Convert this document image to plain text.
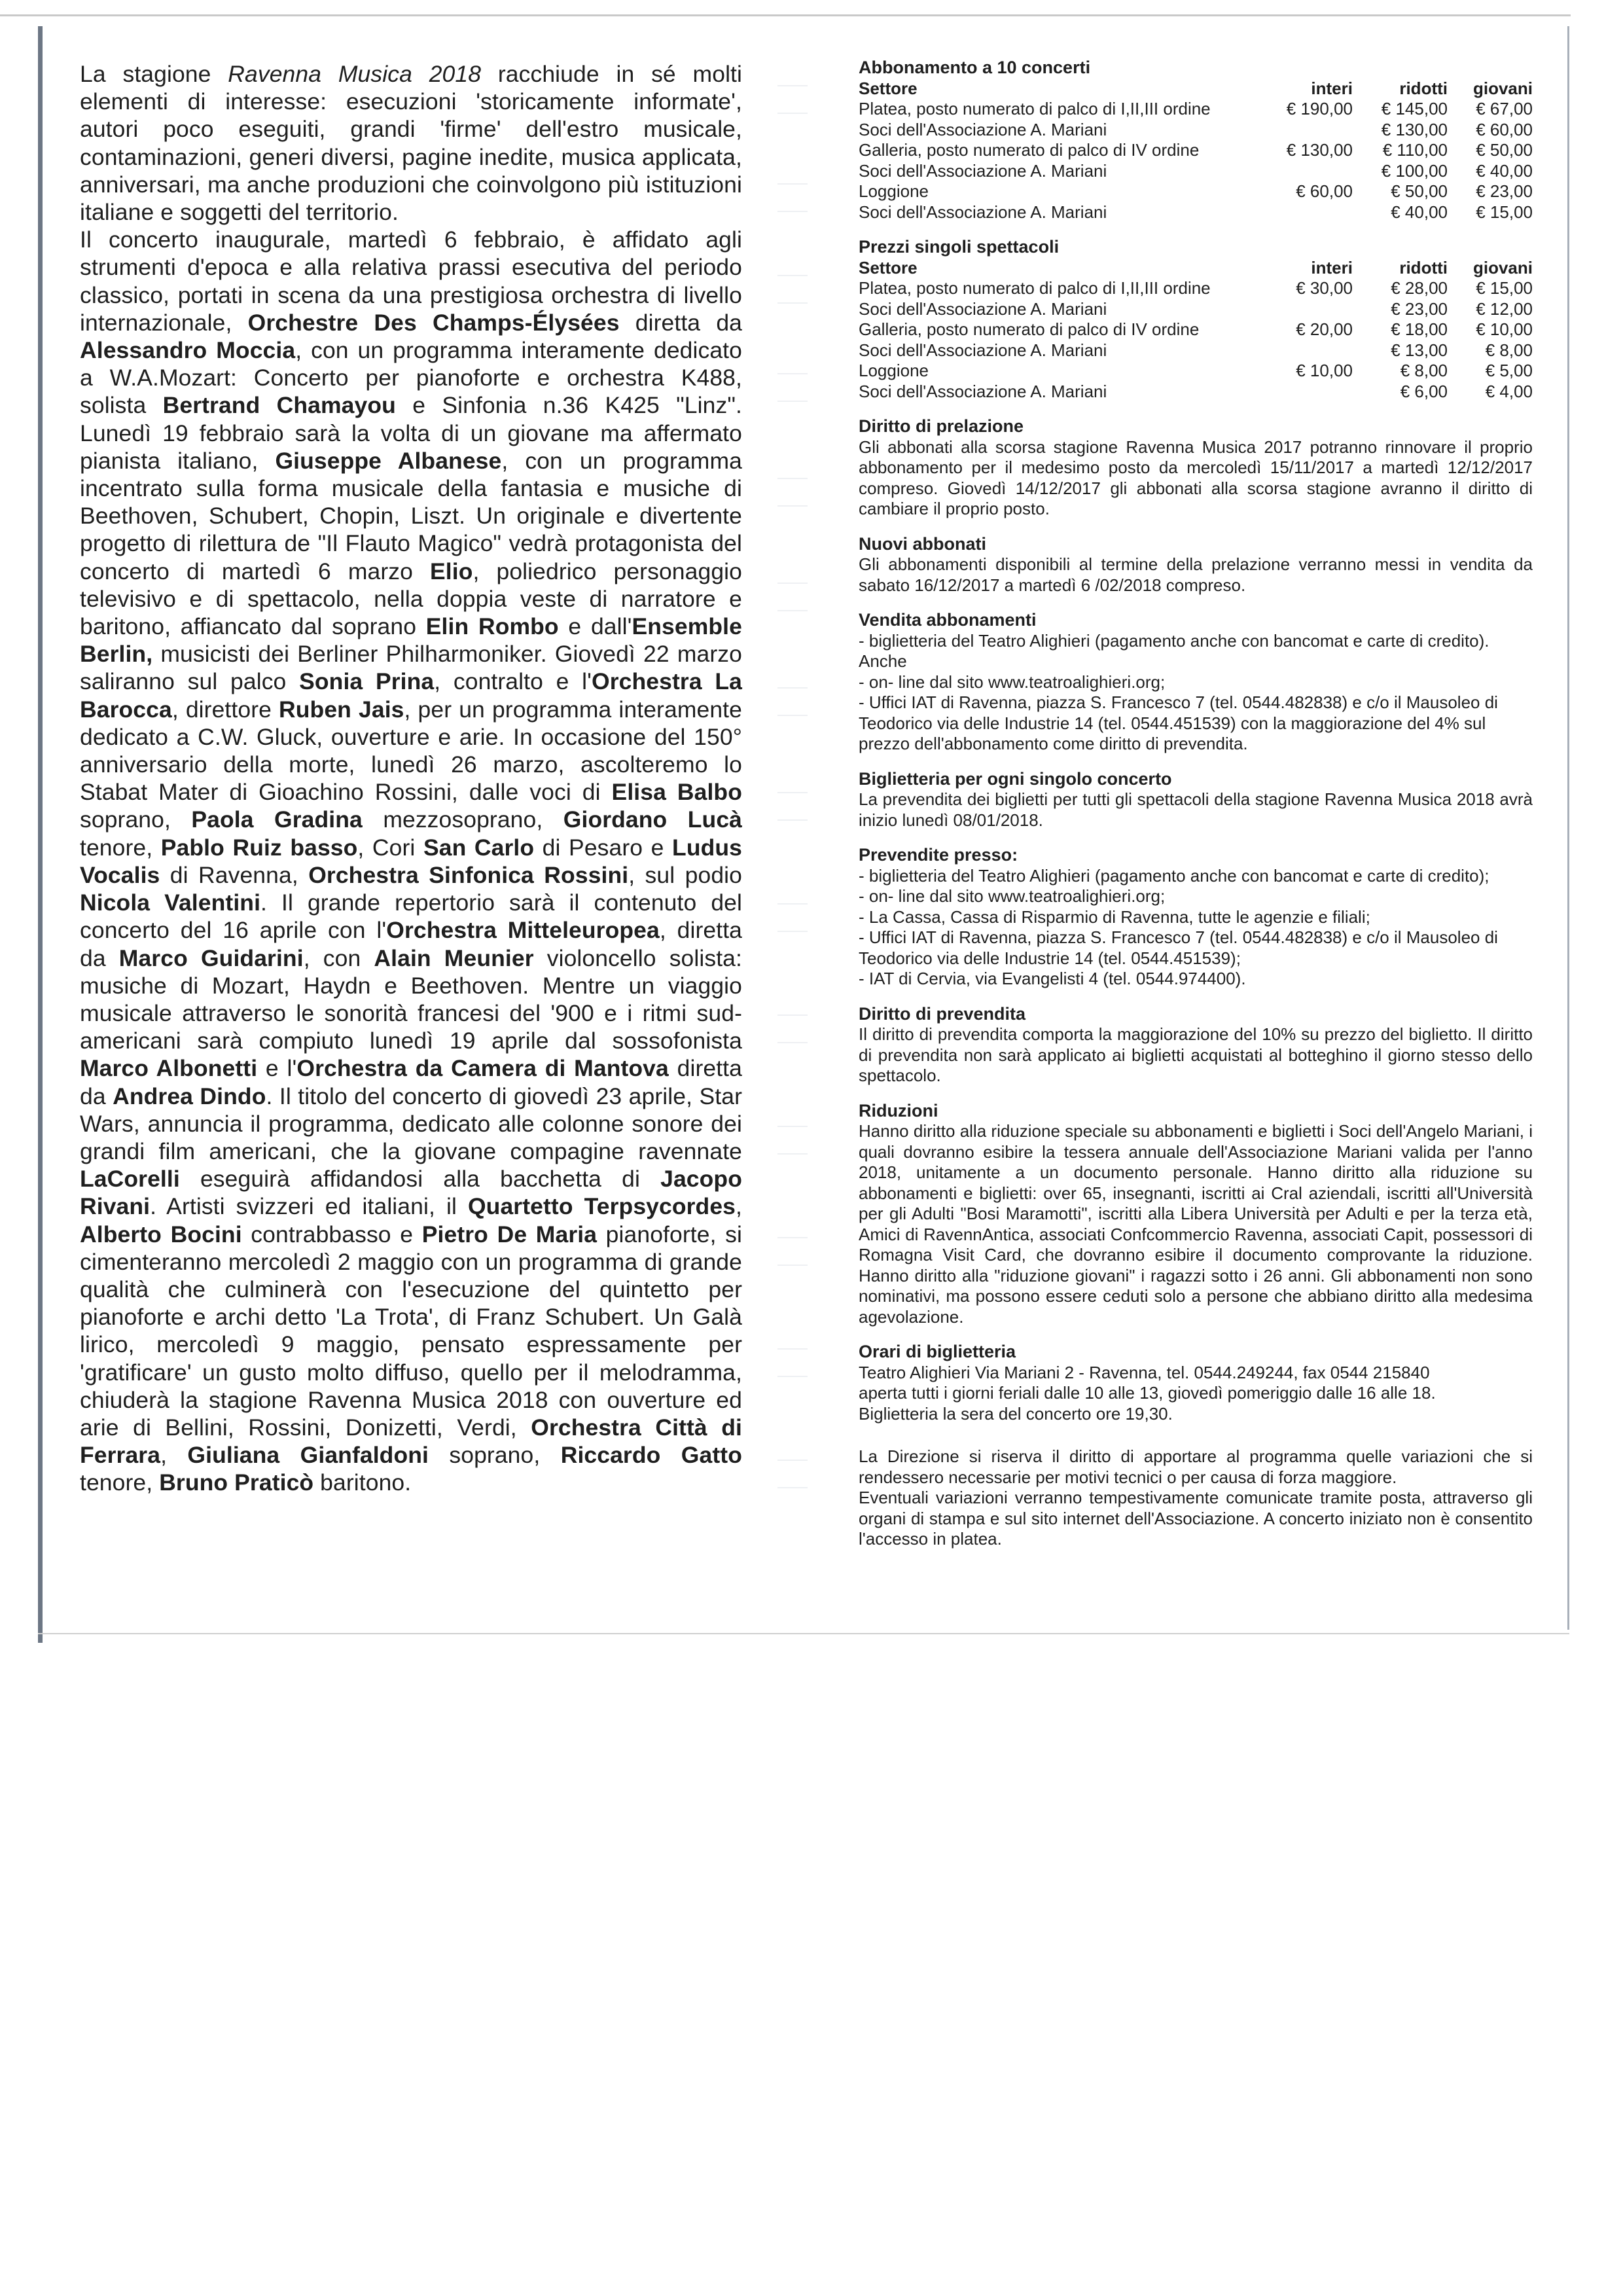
La stagione Ravenna Musica 2018 racchiude in sé molti elementi di interesse: esecuzioni 'storicamente informate', autori poco eseguiti, grandi 'firme' dell'estro musicale, contaminazioni, generi diversi, pagine inedite, musica applicata, anniversari, ma anche produzioni che coinvolgono più istituzioni italiane e soggetti del territorio.

Il concerto inaugurale, martedì 6 febbraio, è affidato agli strumenti d'epoca e alla relativa prassi esecutiva del periodo classico, portati in scena da una prestigiosa orchestra di livello internazionale, Orchestre Des Champs-Élysées diretta da Alessandro Moccia, con un programma interamente dedicato a W.A.Mozart: Concerto per pianoforte e orchestra K488, solista Bertrand Chamayou e Sinfonia n.36 K425 "Linz". Lunedì 19 febbraio sarà la volta di un giovane ma affermato pianista italiano, Giuseppe Albanese, con un programma incentrato sulla forma musicale della fantasia e musiche di Beethoven, Schubert, Chopin, Liszt. Un originale e divertente progetto di rilettura de "Il Flauto Magico" vedrà protagonista del concerto di martedì 6 marzo Elio, poliedrico personaggio televisivo e di spettacolo, nella doppia veste di narratore e baritono, affiancato dal soprano Elin Rombo e dall'Ensemble Berlin, musicisti dei Berliner Philharmoniker. Giovedì 22 marzo saliranno sul palco Sonia Prina, contralto e l'Orchestra La Barocca, direttore Ruben Jais, per un programma interamente dedicato a C.W. Gluck, ouverture e arie. In occasione del 150° anniversario della morte, lunedì 26 marzo, ascolteremo lo Stabat Mater di Gioachino Rossini, dalle voci di Elisa Balbo soprano, Paola Gradina mezzosoprano, Giordano Lucà tenore, Pablo Ruiz basso, Cori San Carlo di Pesaro e Ludus Vocalis di Ravenna, Orchestra Sinfonica Rossini, sul podio Nicola Valentini. Il grande repertorio sarà il contenuto del concerto del 16 aprile con l'Orchestra Mitteleuropea, diretta da Marco Guidarini, con Alain Meunier violoncello solista: musiche di Mozart, Haydn e Beethoven. Mentre un viaggio musicale attraverso le sonorità francesi del '900 e i ritmi sud-americani sarà compiuto lunedì 19 aprile dal sossofonista Marco Albonetti e l'Orchestra da Camera di Mantova diretta da Andrea Dindo. Il titolo del concerto di giovedì 23 aprile, Star Wars, annuncia il programma, dedicato alle colonne sonore dei grandi film americani, che la giovane compagine ravennate LaCorelli eseguirà affidandosi alla bacchetta di Jacopo Rivani. Artisti svizzeri ed italiani, il Quartetto Terpsycordes, Alberto Bocini contrabbasso e Pietro De Maria pianoforte, si cimenteranno mercoledì 2 maggio con un programma di grande qualità che culminerà con l'esecuzione del quintetto per pianoforte e archi detto 'La Trota', di Franz Schubert. Un Galà lirico, mercoledì 9 maggio, pensato espressamente per 'gratificare' un gusto molto diffuso, quello per il melodramma, chiuderà la stagione Ravenna Musica 2018 con ouverture ed arie di Bellini, Rossini, Donizetti, Verdi, Orchestra Città di Ferrara, Giuliana Gianfaldoni soprano, Riccardo Gatto tenore, Bruno Praticò baritono.

Abbonamento a 10 concerti

Settore	interi	ridotti	giovani
Platea, posto numerato di palco di I,II,III ordine	€ 190,00	€ 145,00	€ 67,00
Soci dell'Associazione A. Mariani		€ 130,00	€ 60,00
Galleria, posto numerato di palco di IV ordine	€ 130,00	€ 110,00	€ 50,00
Soci dell'Associazione A. Mariani		€ 100,00	€ 40,00
Loggione	€ 60,00	€ 50,00	€ 23,00
Soci dell'Associazione A. Mariani		€ 40,00	€ 15,00

Prezzi singoli spettacoli

Settore	interi	ridotti	giovani
Platea, posto numerato di palco di I,II,III ordine	€ 30,00	€ 28,00	€ 15,00
Soci dell'Associazione A. Mariani		€ 23,00	€ 12,00
Galleria, posto numerato di palco di IV ordine	€ 20,00	€ 18,00	€ 10,00
Soci dell'Associazione A. Mariani		€ 13,00	€ 8,00
Loggione	€ 10,00	€ 8,00	€ 5,00
Soci dell'Associazione A. Mariani		€ 6,00	€ 4,00

Diritto di prelazione

Gli abbonati alla scorsa stagione Ravenna Musica 2017 potranno rinnovare il proprio abbonamento per il medesimo posto da mercoledì 15/11/2017 a martedì 12/12/2017 compreso. Giovedì 14/12/2017 gli abbonati alla scorsa stagione avranno il diritto di cambiare il proprio posto.

Nuovi abbonati

Gli abbonamenti disponibili al termine della prelazione verranno messi in vendita da sabato 16/12/2017 a martedì 6 /02/2018 compreso.

Vendita abbonamenti

- biglietteria del Teatro Alighieri (pagamento anche con bancomat e carte di credito). Anche

- on- line dal sito www.teatroalighieri.org;

- Uffici IAT di Ravenna, piazza S. Francesco 7 (tel. 0544.482838) e c/o il Mausoleo di Teodorico via delle Industrie 14 (tel. 0544.451539) con la maggiorazione del 4% sul prezzo dell'abbonamento come diritto di prevendita.

Biglietteria per ogni singolo concerto

La prevendita dei biglietti per tutti gli spettacoli della stagione Ravenna Musica 2018 avrà inizio lunedì 08/01/2018.

Prevendite presso:

- biglietteria del Teatro Alighieri (pagamento anche con bancomat e carte di credito);

- on- line dal sito www.teatroalighieri.org;

- La Cassa, Cassa di Risparmio di Ravenna, tutte le agenzie e filiali;

- Uffici IAT di Ravenna, piazza S. Francesco 7 (tel. 0544.482838) e c/o il Mausoleo di Teodorico via delle Industrie 14 (tel. 0544.451539);

- IAT di Cervia, via Evangelisti 4 (tel. 0544.974400).

Diritto di prevendita

Il diritto di prevendita comporta la maggiorazione del 10% su prezzo del biglietto. Il diritto di prevendita non sarà applicato ai biglietti acquistati al botteghino il giorno stesso dello spettacolo.

Riduzioni

Hanno diritto alla riduzione speciale su abbonamenti e biglietti i Soci dell'Angelo Mariani, i quali dovranno esibire la tessera annuale dell'Associazione Mariani valida per l'anno 2018, unitamente a un documento personale. Hanno diritto alla riduzione su abbonamenti e biglietti: over 65, insegnanti, iscritti ai Cral aziendali, iscritti all'Università per gli Adulti "Bosi Maramotti", iscritti alla Libera Università per Adulti e per la terza età, Amici di RavennAntica, associati Confcommercio Ravenna, associati Capit, possessori di Romagna Visit Card, che dovranno esibire il documento comprovante la riduzione. Hanno diritto alla "riduzione giovani" i ragazzi sotto i 26 anni. Gli abbonamenti non sono nominativi, ma possono essere ceduti solo a persone che abbiano diritto alla medesima agevolazione.

Orari di biglietteria

Teatro Alighieri Via Mariani 2 - Ravenna, tel. 0544.249244, fax 0544 215840

aperta tutti i giorni feriali dalle 10 alle 13, giovedì pomeriggio dalle 16 alle 18.

Biglietteria la sera del concerto ore 19,30.

La Direzione si riserva il diritto di apportare al programma quelle variazioni che si rendessero necessarie per motivi tecnici o per causa di forza maggiore.

Eventuali variazioni verranno tempestivamente comunicate tramite posta, attraverso gli organi di stampa e sul sito internet dell'Associazione. A concerto iniziato non è consentito l'accesso in platea.
